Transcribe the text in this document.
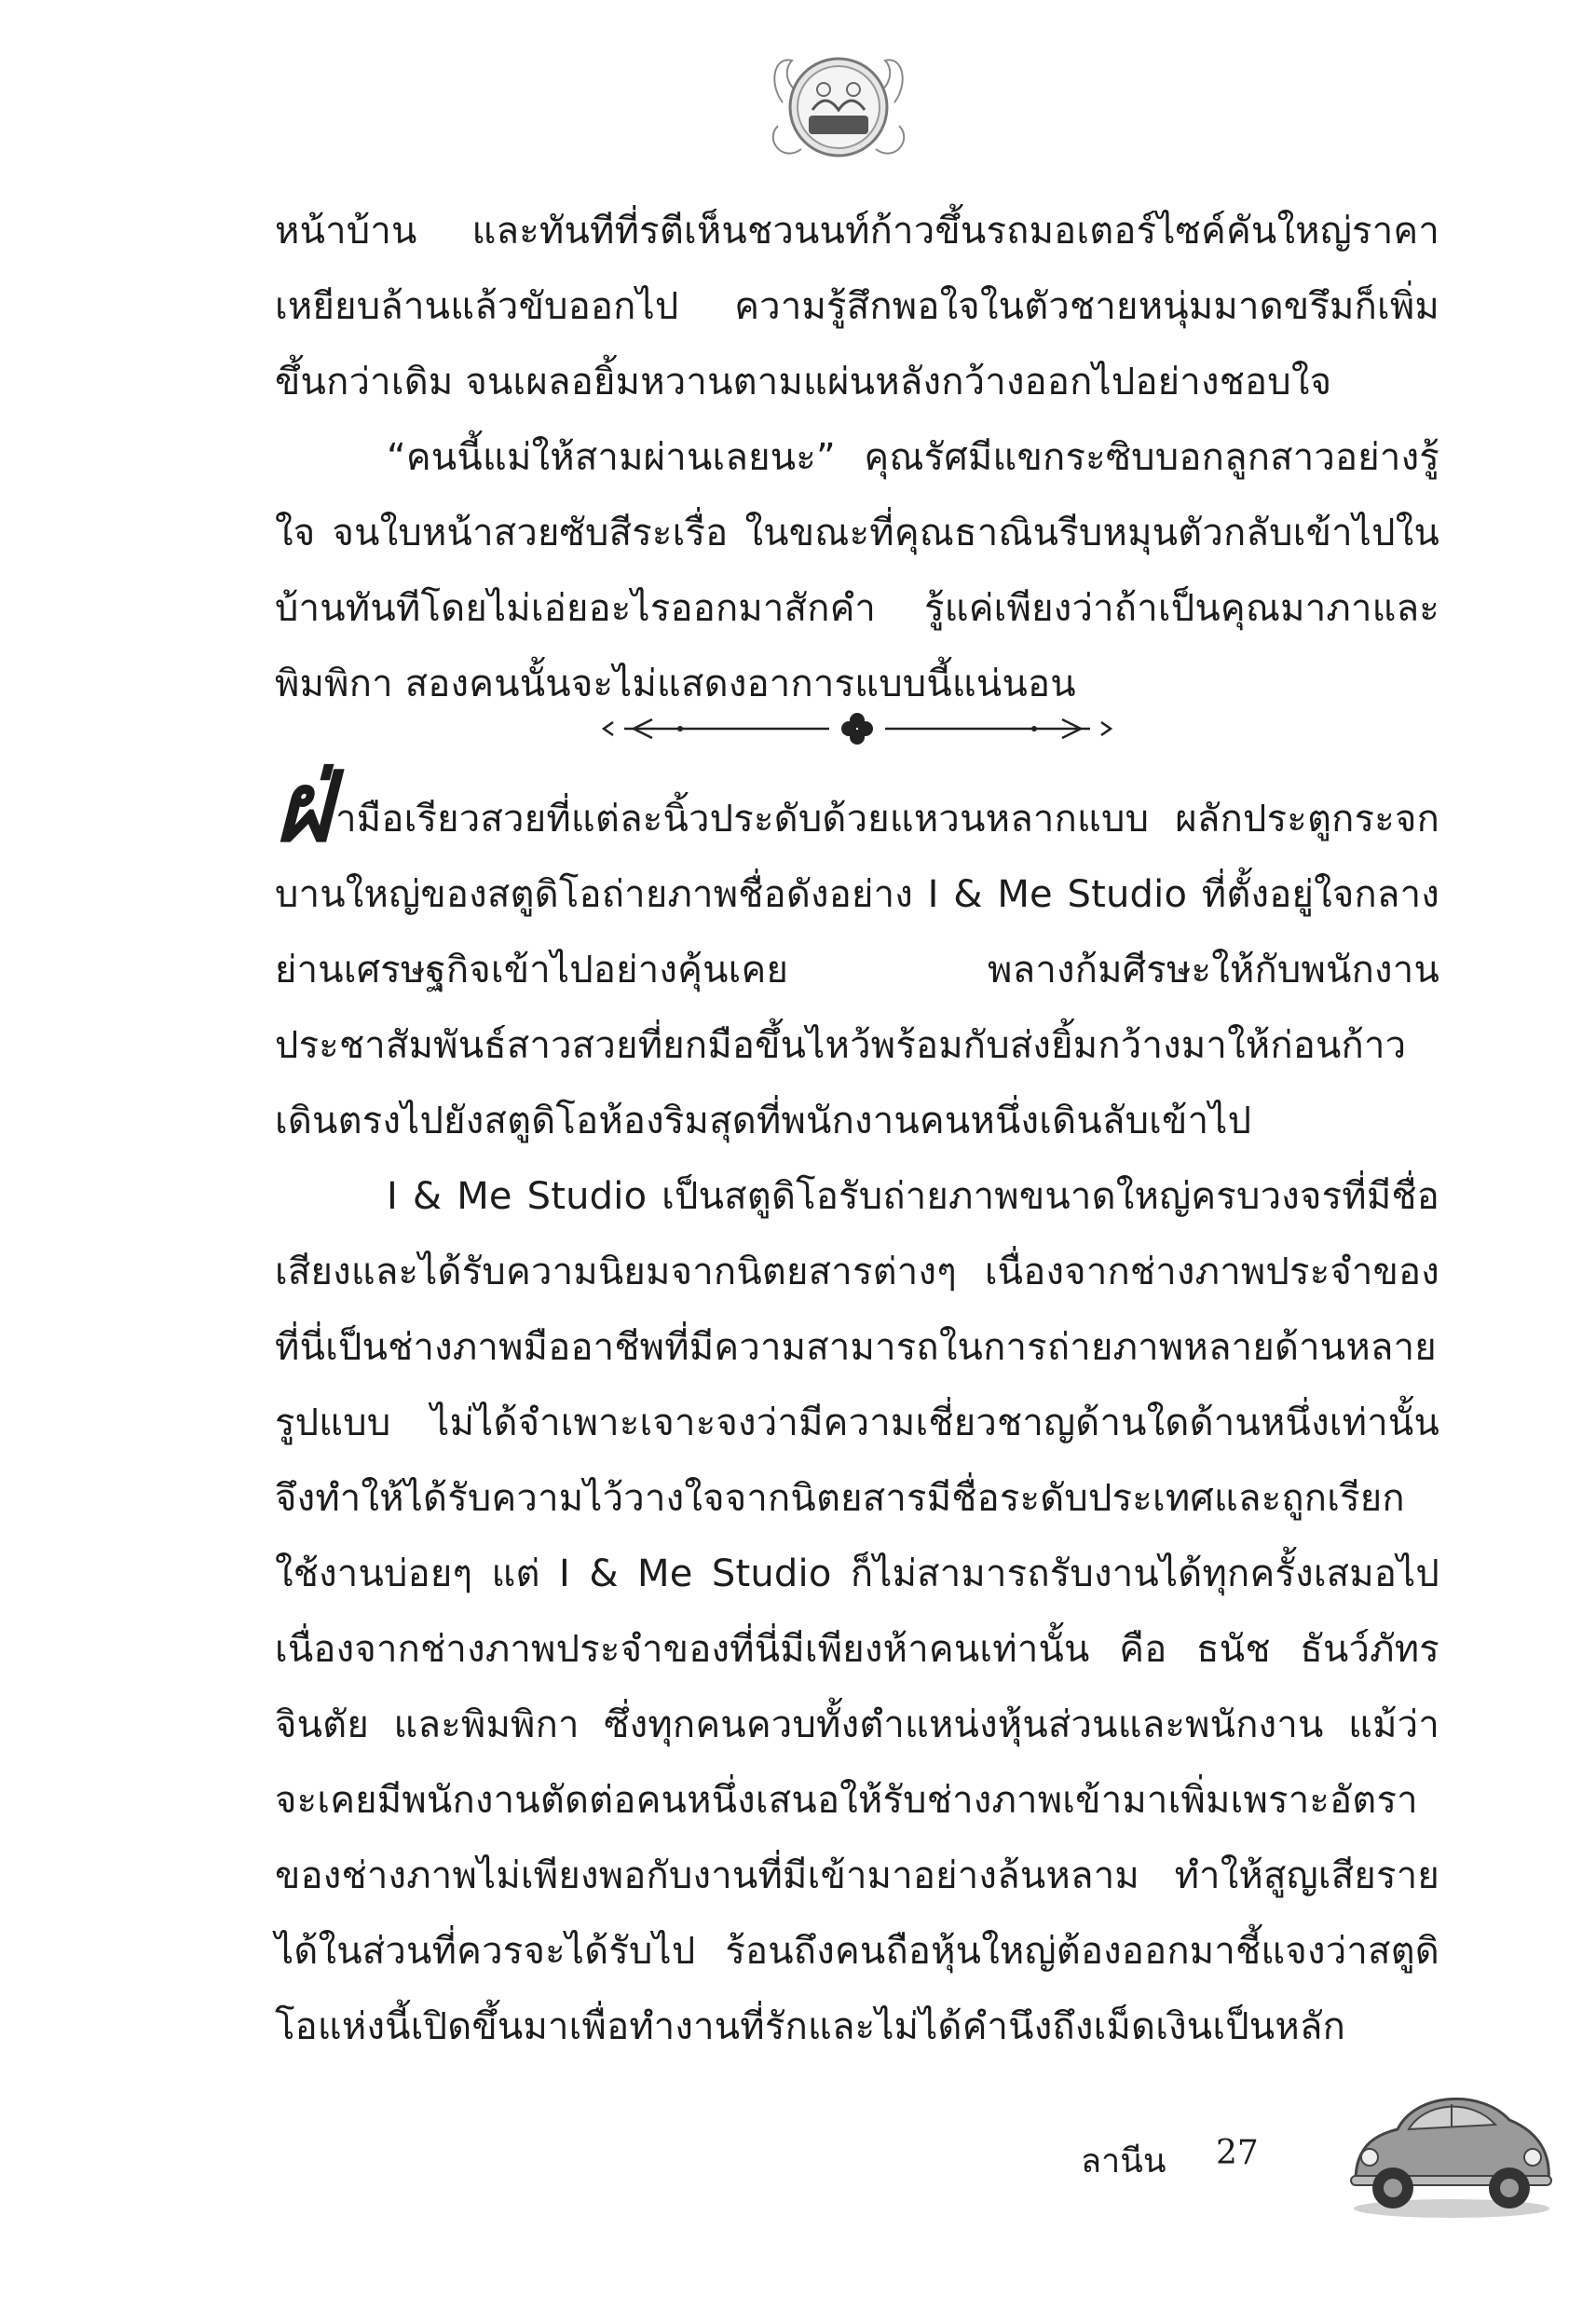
หน้าบ้าน และทันทีที่รตีเห็นชวนนท์ก้าวขึ้นรถมอเตอร์ไซค์คันใหญ่ราคาเหยียบล้านแล้วขับออกไป ความรู้สึกพอใจในตัวชายหนุ่มมาดขรึมก็เพิ่มขึ้นกว่าเดิม จนเผลอยิ้มหวานตามแผ่นหลังกว้างออกไปอย่างชอบใจ

“คนนี้แม่ให้สามผ่านเลยนะ” คุณรัศมีแขกระซิบบอกลูกสาวอย่างรู้ใจ จนใบหน้าสวยซับสีระเรื่อ ในขณะที่คุณธาณินรีบหมุนตัวกลับเข้าไปในบ้านทันทีโดยไม่เอ่ยอะไรออกมาสักคำ รู้แค่เพียงว่าถ้าเป็นคุณมาภาและพิมพิกา สองคนนั้นจะไม่แสดงอาการแบบนี้แน่นอน

ฝ่ามือเรียวสวยที่แต่ละนิ้วประดับด้วยแหวนหลากแบบ ผลักประตูกระจกบานใหญ่ของสตูดิโอถ่ายภาพชื่อดังอย่าง I & Me Studio ที่ตั้งอยู่ใจกลางย่านเศรษฐกิจเข้าไปอย่างคุ้นเคย พลางก้มศีรษะให้กับพนักงานประชาสัมพันธ์สาวสวยที่ยกมือขึ้นไหว้พร้อมกับส่งยิ้มกว้างมาให้ก่อนก้าวเดินตรงไปยังสตูดิโอห้องริมสุดที่พนักงานคนหนึ่งเดินลับเข้าไป

I & Me Studio เป็นสตูดิโอรับถ่ายภาพขนาดใหญ่ครบวงจรที่มีชื่อเสียงและได้รับความนิยมจากนิตยสารต่างๆ เนื่องจากช่างภาพประจำของที่นี่เป็นช่างภาพมืออาชีพที่มีความสามารถในการถ่ายภาพหลายด้านหลายรูปแบบ ไม่ได้จำเพาะเจาะจงว่ามีความเชี่ยวชาญด้านใดด้านหนึ่งเท่านั้น จึงทำให้ได้รับความไว้วางใจจากนิตยสารมีชื่อระดับประเทศและถูกเรียกใช้งานบ่อยๆ แต่ I & Me Studio ก็ไม่สามารถรับงานได้ทุกครั้งเสมอไป เนื่องจากช่างภาพประจำของที่นี่มีเพียงห้าคนเท่านั้น คือ ธนัช ธันว์ภัทร จินตัย และพิมพิกา ซึ่งทุกคนควบทั้งตำแหน่งหุ้นส่วนและพนักงาน แม้ว่าจะเคยมีพนักงานตัดต่อคนหนึ่งเสนอให้รับช่างภาพเข้ามาเพิ่มเพราะอัตราของช่างภาพไม่เพียงพอกับงานที่มีเข้ามาอย่างล้นหลาม ทำให้สูญเสียรายได้ในส่วนที่ควรจะได้รับไป ร้อนถึงคนถือหุ้นใหญ่ต้องออกมาชี้แจงว่าสตูดิโอแห่งนี้เปิดขึ้นมาเพื่อทำงานที่รักและไม่ได้คำนึงถึงเม็ดเงินเป็นหลัก

ลานีน 27
